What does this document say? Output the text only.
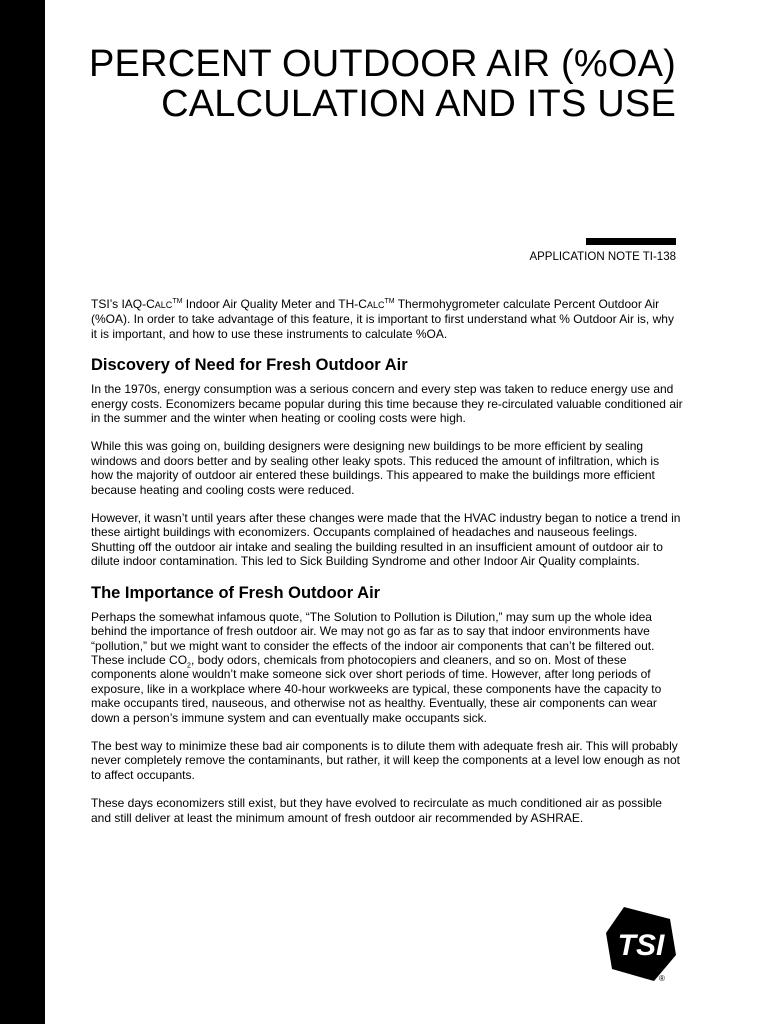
PERCENT OUTDOOR AIR (%OA)
CALCULATION AND ITS USE
APPLICATION NOTE TI-138

TSI’s IAQ-CALC™ Indoor Air Quality Meter and TH-CALC™ Thermohygrometer calculate Percent Outdoor Air (%OA). In order to take advantage of this feature, it is important to first understand what % Outdoor Air is, why it is important, and how to use these instruments to calculate %OA.

Discovery of Need for Fresh Outdoor Air

In the 1970s, energy consumption was a serious concern and every step was taken to reduce energy use and energy costs. Economizers became popular during this time because they re-circulated valuable conditioned air in the summer and the winter when heating or cooling costs were high.

While this was going on, building designers were designing new buildings to be more efficient by sealing windows and doors better and by sealing other leaky spots. This reduced the amount of infiltration, which is how the majority of outdoor air entered these buildings. This appeared to make the buildings more efficient because heating and cooling costs were reduced.

However, it wasn’t until years after these changes were made that the HVAC industry began to notice a trend in these airtight buildings with economizers. Occupants complained of headaches and nauseous feelings. Shutting off the outdoor air intake and sealing the building resulted in an insufficient amount of outdoor air to dilute indoor contamination. This led to Sick Building Syndrome and other Indoor Air Quality complaints.

The Importance of Fresh Outdoor Air

Perhaps the somewhat infamous quote, “The Solution to Pollution is Dilution,” may sum up the whole idea behind the importance of fresh outdoor air. We may not go as far as to say that indoor environments have “pollution,” but we might want to consider the effects of the indoor air components that can’t be filtered out. These include $CO_2$, body odors, chemicals from photocopiers and cleaners, and so on. Most of these components alone wouldn’t make someone sick over short periods of time. However, after long periods of exposure, like in a workplace where 40-hour workweeks are typical, these components have the capacity to make occupants tired, nauseous, and otherwise not as healthy. Eventually, these air components can wear down a person’s immune system and can eventually make occupants sick.

The best way to minimize these bad air components is to dilute them with adequate fresh air. This will probably never completely remove the contaminants, but rather, it will keep the components at a level low enough as not to affect occupants.

These days economizers still exist, but they have evolved to recirculate as much conditioned air as possible and still deliver at least the minimum amount of fresh outdoor air recommended by ASHRAE.

TSI
®
